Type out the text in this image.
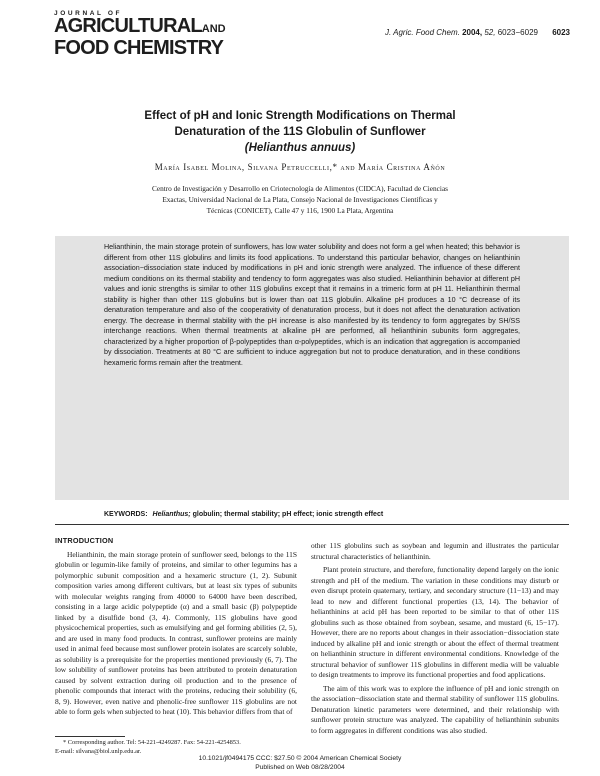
JOURNAL OF
AGRICULTURALAND
FOOD CHEMISTRY
J. Agric. Food Chem. 2004, 52, 6023−6029 6023
Effect of pH and Ionic Strength Modifications on Thermal
Denaturation of the 11S Globulin of Sunflower
(Helianthus annuus)
María Isabel Molina, Silvana Petruccelli,* and María Cristina Añón
Centro de Investigación y Desarrollo en Criotecnología de Alimentos (CIDCA), Facultad de Ciencias
Exactas, Universidad Nacional de La Plata, Consejo Nacional de Investigaciones Científicas y
Técnicas (CONICET), Calle 47 y 116, 1900 La Plata, Argentina

Helianthinin, the main storage protein of sunflowers, has low water solubility and does not form a gel when heated; this behavior is different from other 11S globulins and limits its food applications. To understand this particular behavior, changes on helianthinin association−dissociation state induced by modifications in pH and ionic strength were analyzed. The influence of these different medium conditions on its thermal stability and tendency to form aggregates was also studied. Helianthinin behavior at different pH values and ionic strengths is similar to other 11S globulins except that it remains in a trimeric form at pH 11. Helianthinin thermal stability is higher than other 11S globulins but is lower than oat 11S globulin. Alkaline pH produces a 10 °C decrease of its denaturation temperature and also of the cooperativity of denaturation process, but it does not affect the denaturation activation energy. The decrease in thermal stability with the pH increase is also manifested by its tendency to form aggregates by SH/SS interchange reactions. When thermal treatments at alkaline pH are performed, all helianthinin subunits form aggregates, characterized by a higher proportion of β-polypeptides than α-polypeptides, which is an indication that aggregation is accompanied by dissociation. Treatments at 80 °C are sufficient to induce aggregation but not to produce denaturation, and in these conditions hexameric forms remain after the treatment.

KEYWORDS: Helianthus; globulin; thermal stability; pH effect; ionic strength effect

INTRODUCTION

Helianthinin, the main storage protein of sunflower seed, belongs to the 11S globulin or legumin-like family of proteins, and similar to other legumins has a polymorphic subunit composition and a hexameric structure (1, 2). Subunit composition varies among different cultivars, but at least six types of subunits with molecular weights ranging from 40000 to 64000 have been described, consisting in a large acidic polypeptide (α) and a small basic (β) polypeptide linked by a disulfide bond (3, 4). Commonly, 11S globulins have good physicochemical properties, such as emulsifying and gel forming abilities (2, 5), and are used in many food products. In contrast, sunflower proteins are mainly used in animal feed because most sunflower protein isolates are scarcely soluble, as solubility is a prerequisite for the properties mentioned previously (6, 7). The low solubility of sunflower proteins has been attributed to protein denaturation caused by solvent extraction during oil production and to the presence of phenolic compounds that interact with the proteins, reducing their solubility (6, 8, 9). However, even native and phenolic-free sunflower 11S globulins are not able to form gels when subjected to heat (10). This behavior differs from that of

other 11S globulins such as soybean and legumin and illustrates the particular structural characteristics of helianthinin.

Plant protein structure, and therefore, functionality depend largely on the ionic strength and pH of the medium. The variation in these conditions may disturb or even disrupt protein quaternary, tertiary, and secondary structure (11−13) and may lead to new and different functional properties (13, 14). The behavior of helianthinins at acid pH has been reported to be similar to that of other 11S globulins such as those obtained from soybean, sesame, and mustard (6, 15−17). However, there are no reports about changes in their association−dissociation state induced by alkaline pH and ionic strength or about the effect of thermal treatment on helianthinin structure in different environmental conditions. Knowledge of the structural behavior of sunflower 11S globulins in different media will be valuable to design treatments to improve its functional properties and food applications.

The aim of this work was to explore the influence of pH and ionic strength on the association−dissociation state and thermal stability of sunflower 11S globulins. Denaturation kinetic parameters were determined, and their relationship with sunflower protein structure was analyzed. The capability of helianthinin subunits to form aggregates in different conditions was also studied.

* Corresponding author. Tel: 54-221-4249287. Fax: 54-221-4254853.
E-mail: silvana@biol.unlp.edu.ar.
10.1021/jf0494175 CCC: $27.50 © 2004 American Chemical Society
Published on Web 08/28/2004
